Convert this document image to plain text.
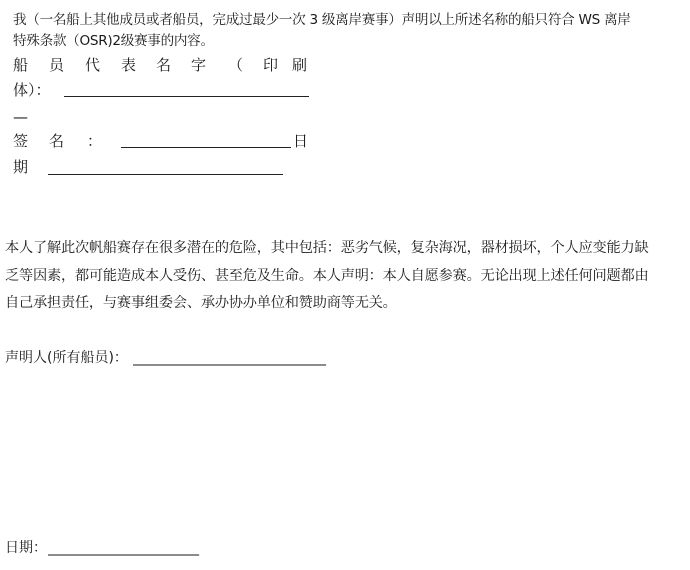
我（一名船上其他成员或者船员，完成过最少一次 3 级离岸赛事）声明以上所述名称的船只符合 WS 离岸
特殊条款（OSR)2级赛事的内容。
船 员 代 表 名 字 （ 印 刷
体）：
—
签 名 ：	日
期
本人了解此次帆船赛存在很多潜在的危险，其中包括：恶劣气候，复杂海况，器材损坏，个人应变能力缺
乏等因素，都可能造成本人受伤、甚至危及生命。本人声明：本人自愿参赛。无论出现上述任何问题都由
自己承担责任，与赛事组委会、承办协办单位和赞助商等无关。
声明人(所有船员)： ________________________________
日期： _________________________
